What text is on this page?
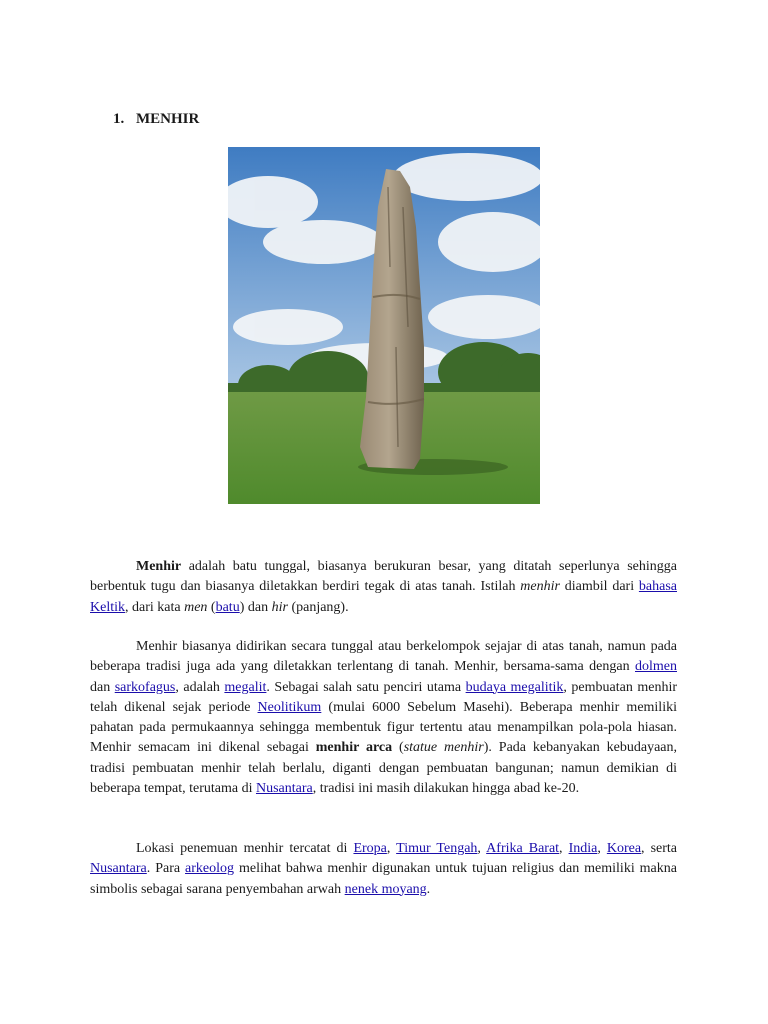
1. MENHIR

Menhir adalah batu tunggal, biasanya berukuran besar, yang ditatah seperlunya sehingga berbentuk tugu dan biasanya diletakkan berdiri tegak di atas tanah. Istilah menhir diambil dari bahasa Keltik, dari kata men (batu) dan hir (panjang).

Menhir biasanya didirikan secara tunggal atau berkelompok sejajar di atas tanah, namun pada beberapa tradisi juga ada yang diletakkan terlentang di tanah. Menhir, bersama-sama dengan dolmen dan sarkofagus, adalah megalit. Sebagai salah satu penciri utama budaya megalitik, pembuatan menhir telah dikenal sejak periode Neolitikum (mulai 6000 Sebelum Masehi). Beberapa menhir memiliki pahatan pada permukaannya sehingga membentuk figur tertentu atau menampilkan pola-pola hiasan. Menhir semacam ini dikenal sebagai menhir arca (statue menhir). Pada kebanyakan kebudayaan, tradisi pembuatan menhir telah berlalu, diganti dengan pembuatan bangunan; namun demikian di beberapa tempat, terutama di Nusantara, tradisi ini masih dilakukan hingga abad ke-20.

Lokasi penemuan menhir tercatat di Eropa, Timur Tengah, Afrika Barat, India, Korea, serta Nusantara. Para arkeolog melihat bahwa menhir digunakan untuk tujuan religius dan memiliki makna simbolis sebagai sarana penyembahan arwah nenek moyang.
